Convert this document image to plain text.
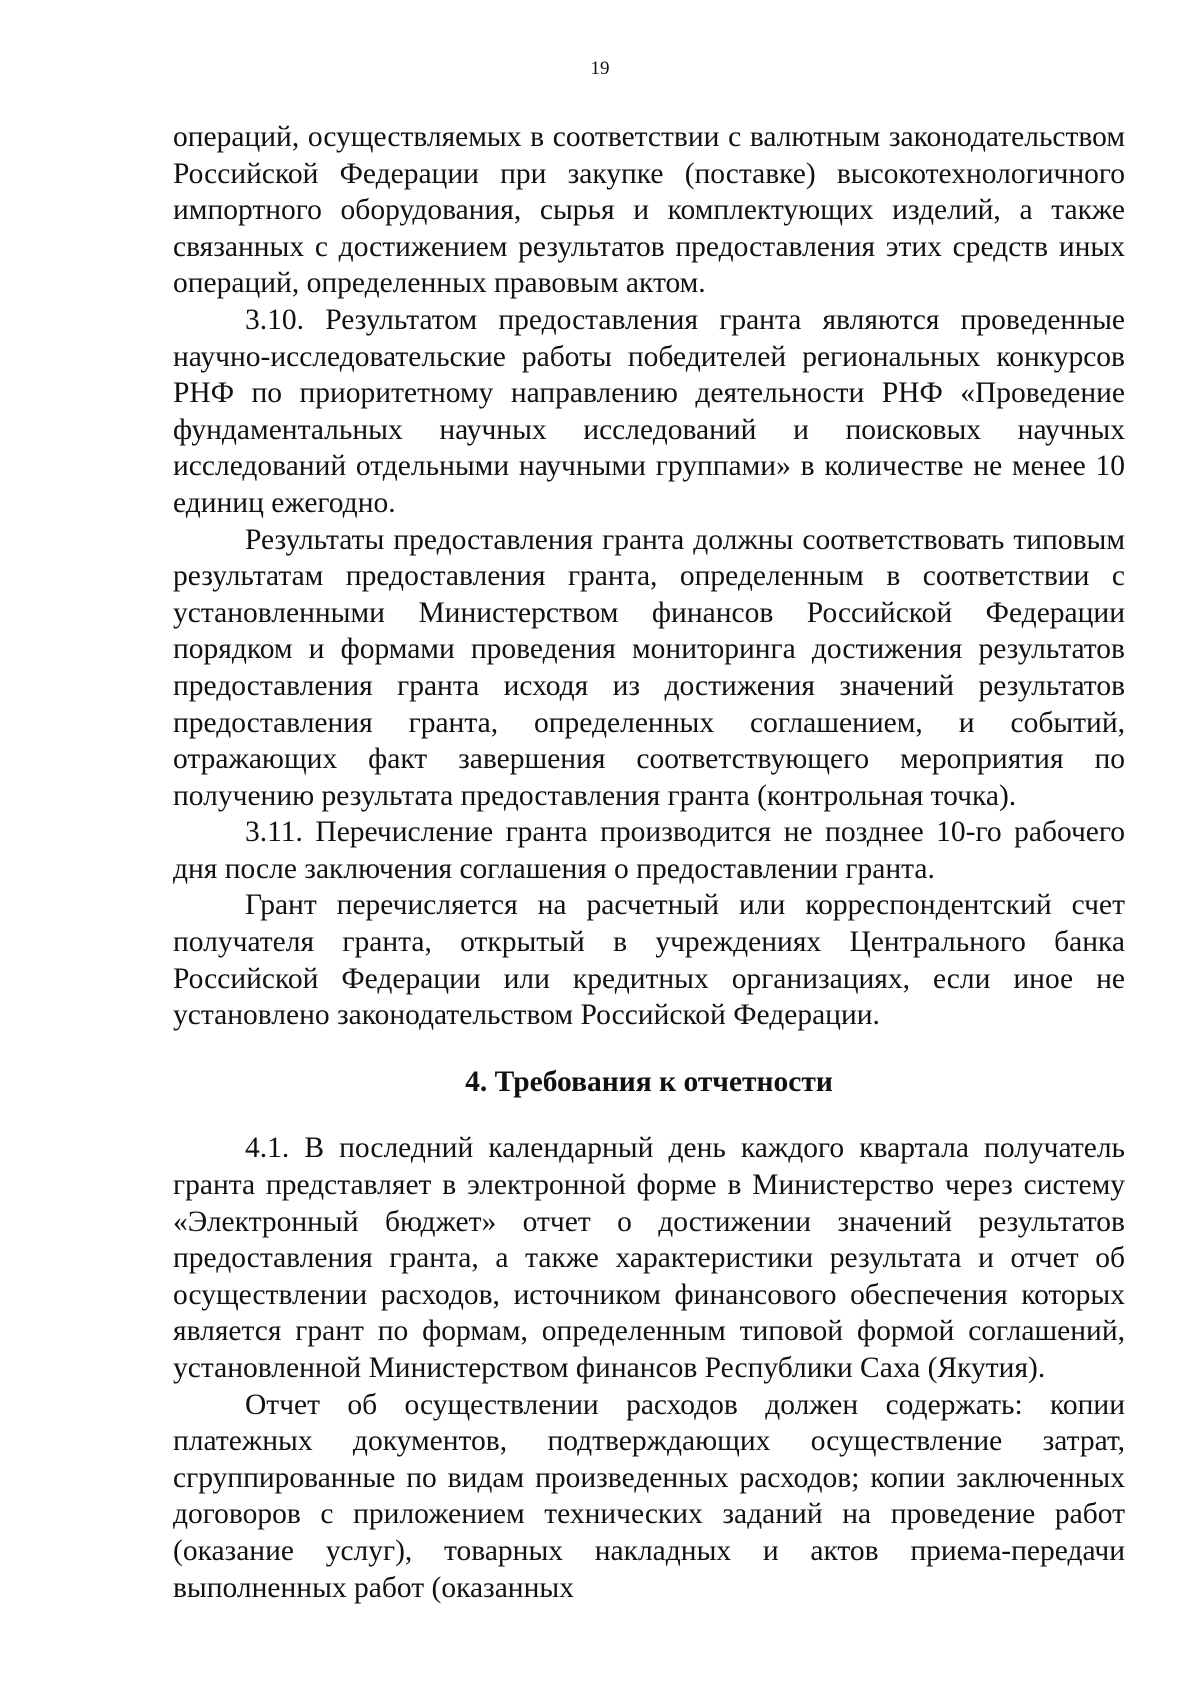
19

операций, осуществляемых в соответствии с валютным законодательством Российской Федерации при закупке (поставке) высокотехнологичного импортного оборудования, сырья и комплектующих изделий, а также связанных с достижением результатов предоставления этих средств иных операций, определенных правовым актом.

3.10. Результатом предоставления гранта являются проведенные научно-исследовательские работы победителей региональных конкурсов РНФ по приоритетному направлению деятельности РНФ «Проведение фундаментальных научных исследований и поисковых научных исследований отдельными научными группами» в количестве не менее 10 единиц ежегодно.

Результаты предоставления гранта должны соответствовать типовым результатам предоставления гранта, определенным в соответствии с установленными Министерством финансов Российской Федерации порядком и формами проведения мониторинга достижения результатов предоставления гранта исходя из достижения значений результатов предоставления гранта, определенных соглашением, и событий, отражающих факт завершения соответствующего мероприятия по получению результата предоставления гранта (контрольная точка).

3.11. Перечисление гранта производится не позднее 10-го рабочего дня после заключения соглашения о предоставлении гранта.

Грант перечисляется на расчетный или корреспондентский счет получателя гранта, открытый в учреждениях Центрального банка Российской Федерации или кредитных организациях, если иное не установлено законодательством Российской Федерации.

4. Требования к отчетности

4.1. В последний календарный день каждого квартала получатель гранта представляет в электронной форме в Министерство через систему «Электронный бюджет» отчет о достижении значений результатов предоставления гранта, а также характеристики результата и отчет об осуществлении расходов, источником финансового обеспечения которых является грант по формам, определенным типовой формой соглашений, установленной Министерством финансов Республики Саха (Якутия).

Отчет об осуществлении расходов должен содержать: копии платежных документов, подтверждающих осуществление затрат, сгруппированные по видам произведенных расходов; копии заключенных договоров с приложением технических заданий на проведение работ (оказание услуг), товарных накладных и актов приема-передачи выполненных работ (оказанных
